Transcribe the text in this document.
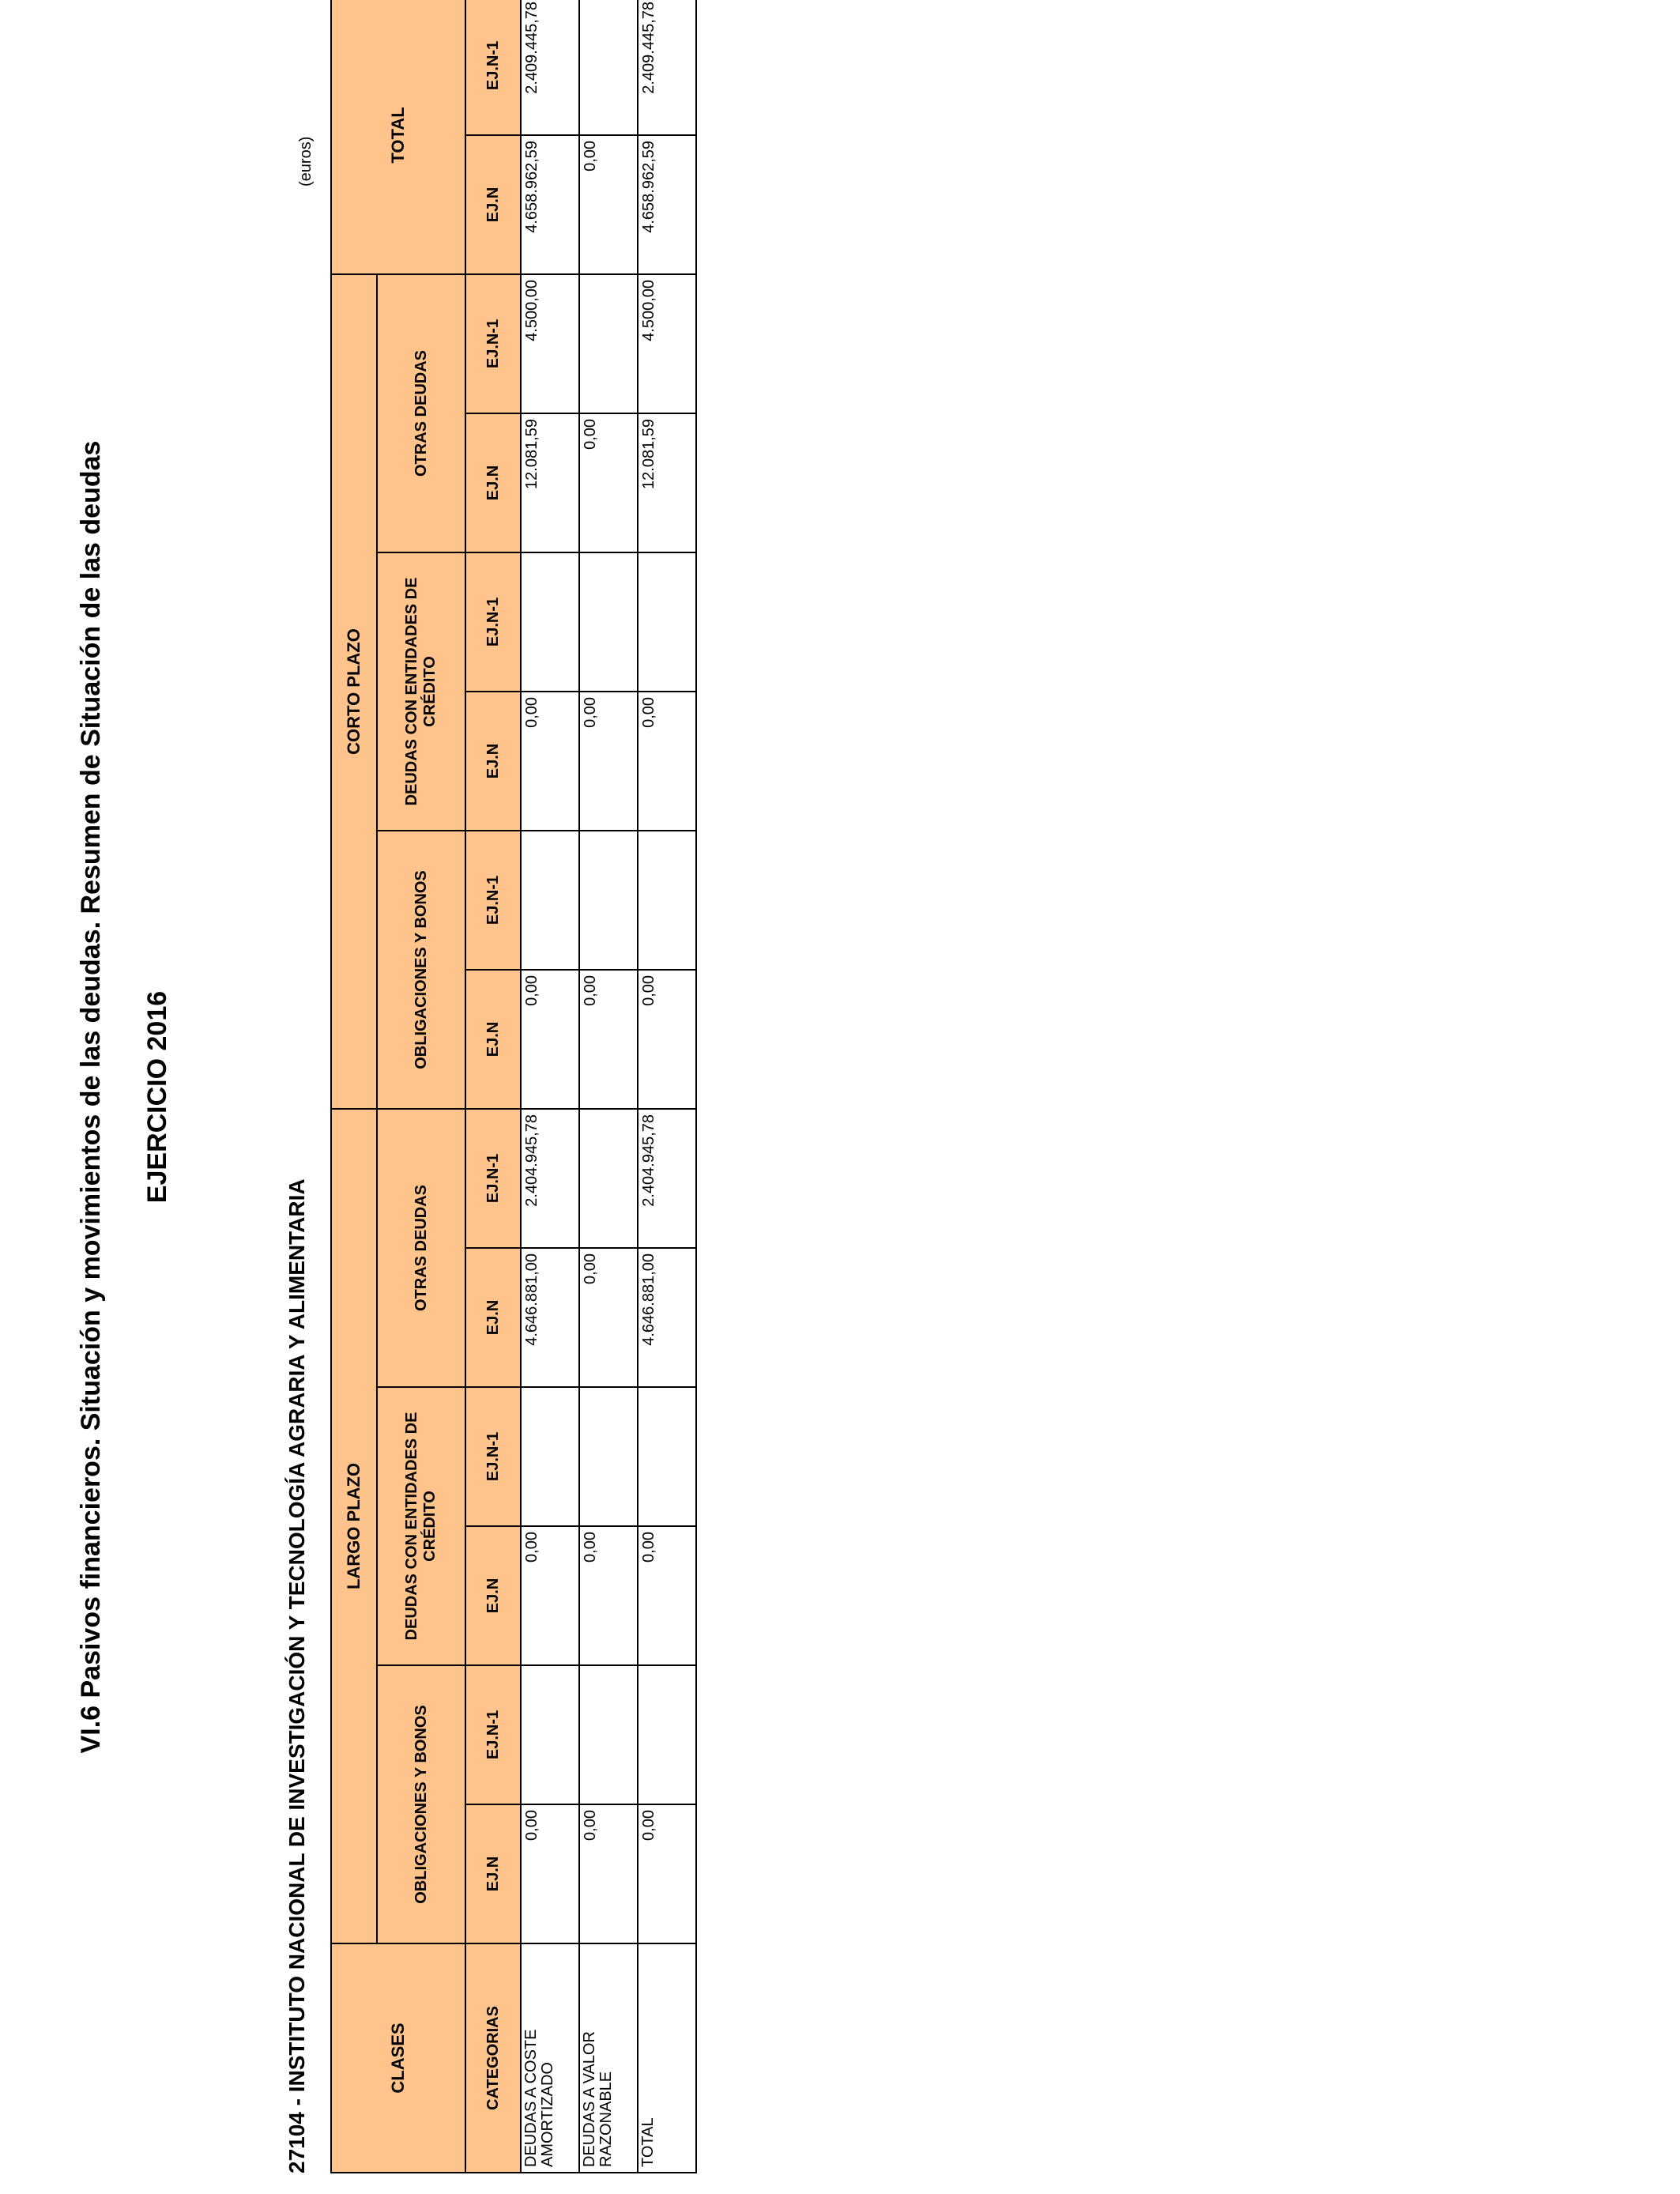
VI.6 Pasivos financieros. Situación y movimientos de las deudas. Resumen de Situación de las deudas EJERCICIO 2016

27104 - INSTITUTO NACIONAL DE INVESTIGACIÓN Y TECNOLOGÍA AGRARIA Y ALIMENTARIA

(euros)

CLASES	LARGO PLAZO						CORTO PLAZO						TOTAL	
	OBLIGACIONES Y BONOS		DEUDAS CON ENTIDADES DE CRÉDITO		OTRAS DEUDAS		OBLIGACIONES Y BONOS		DEUDAS CON ENTIDADES DE CRÉDITO		OTRAS DEUDAS			
CATEGORIAS	EJ.N	EJ.N-1	EJ.N	EJ.N-1	EJ.N	EJ.N-1	EJ.N	EJ.N-1	EJ.N	EJ.N-1	EJ.N	EJ.N-1	EJ.N	EJ.N-1
DEUDAS A COSTE AMORTIZADO	0,00		0,00		4.646.881,00	2.404.945,78	0,00		0,00		12.081,59	4.500,00	4.658.962,59	2.409.445,78
DEUDAS A VALOR RAZONABLE	0,00		0,00		0,00		0,00		0,00		0,00		0,00	
TOTAL	0,00		0,00		4.646.881,00	2.404.945,78	0,00		0,00		12.081,59	4.500,00	4.658.962,59	2.409.445,78
